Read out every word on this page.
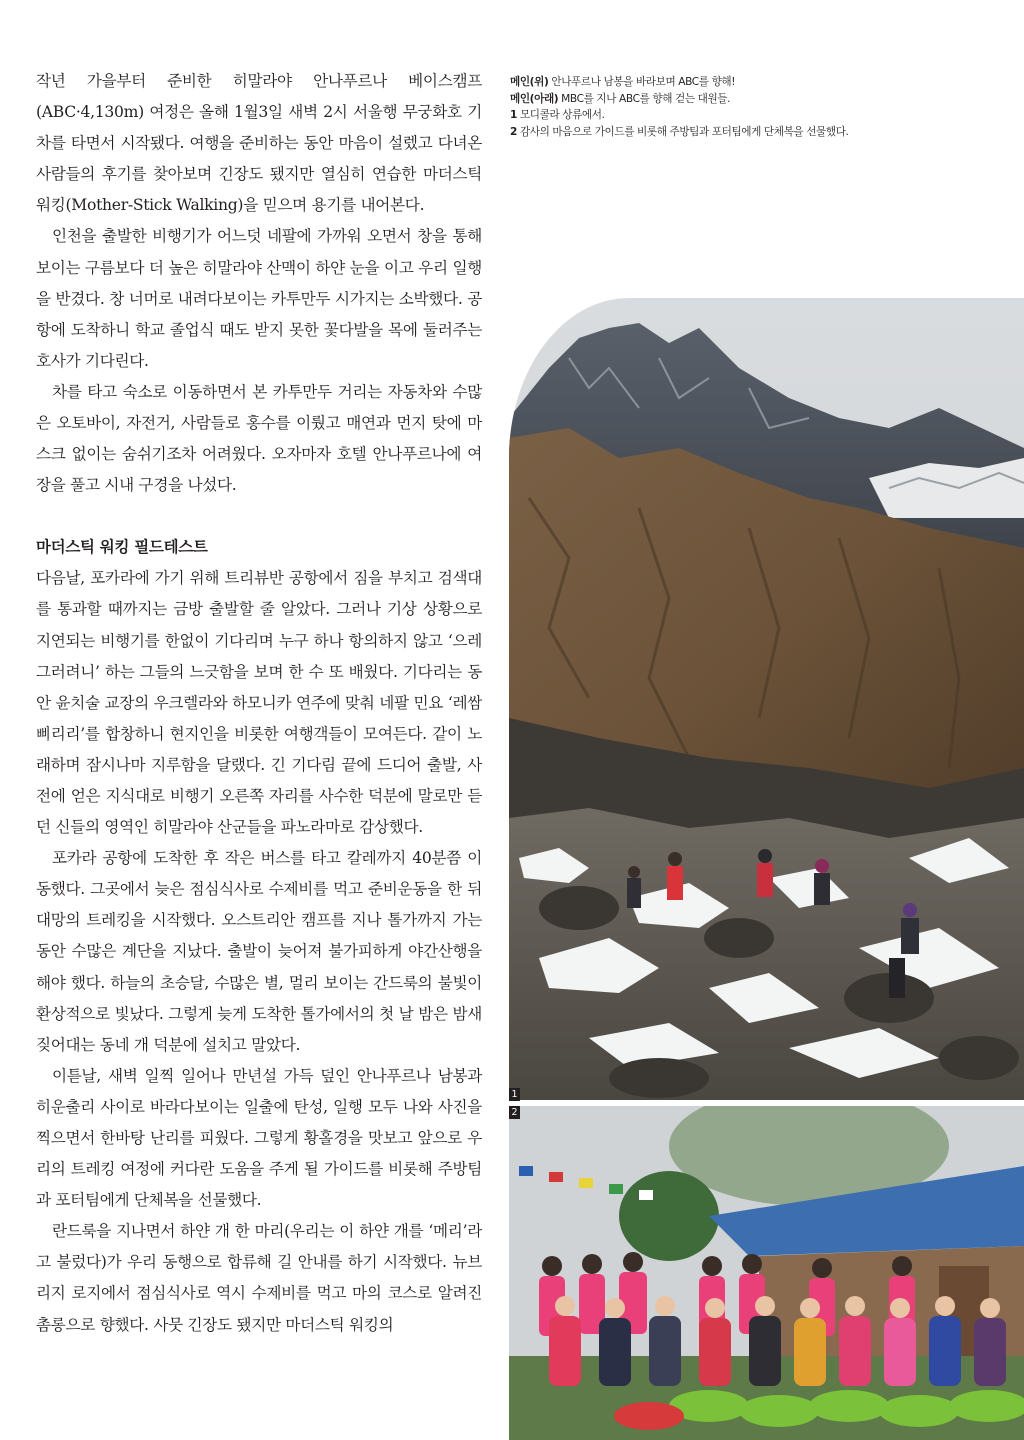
작년 가을부터 준비한 히말라야 안나푸르나 베이스캠프(ABC·4,130m) 여정은 올해 1월3일 새벽 2시 서울행 무궁화호 기차를 타면서 시작됐다. 여행을 준비하는 동안 마음이 설렜고 다녀온 사람들의 후기를 찾아보며 긴장도 됐지만 열심히 연습한 마더스틱 워킹(Mother-Stick Walking)을 믿으며 용기를 내어본다.

인천을 출발한 비행기가 어느덧 네팔에 가까워 오면서 창을 통해 보이는 구름보다 더 높은 히말라야 산맥이 하얀 눈을 이고 우리 일행을 반겼다. 창 너머로 내려다보이는 카투만두 시가지는 소박했다. 공항에 도착하니 학교 졸업식 때도 받지 못한 꽃다발을 목에 둘러주는 호사가 기다린다.

차를 타고 숙소로 이동하면서 본 카투만두 거리는 자동차와 수많은 오토바이, 자전거, 사람들로 홍수를 이뤘고 매연과 먼지 탓에 마스크 없이는 숨쉬기조차 어려웠다. 오자마자 호텔 안나푸르나에 여장을 풀고 시내 구경을 나섰다.

마더스틱 워킹 필드테스트

다음날, 포카라에 가기 위해 트리뷰반 공항에서 짐을 부치고 검색대를 통과할 때까지는 금방 출발할 줄 알았다. 그러나 기상 상황으로 지연되는 비행기를 한없이 기다리며 누구 하나 항의하지 않고 ‘으레 그러려니’ 하는 그들의 느긋함을 보며 한 수 또 배웠다. 기다리는 동안 윤치술 교장의 우크렐라와 하모니카 연주에 맞춰 네팔 민요 ‘레쌈삐리리’를 합창하니 현지인을 비롯한 여행객들이 모여든다. 같이 노래하며 잠시나마 지루함을 달랬다. 긴 기다림 끝에 드디어 출발, 사전에 얻은 지식대로 비행기 오른쪽 자리를 사수한 덕분에 말로만 듣던 신들의 영역인 히말라야 산군들을 파노라마로 감상했다.

포카라 공항에 도착한 후 작은 버스를 타고 칼레까지 40분쯤 이동했다. 그곳에서 늦은 점심식사로 수제비를 먹고 준비운동을 한 뒤 대망의 트레킹을 시작했다. 오스트리안 캠프를 지나 톨가까지 가는 동안 수많은 계단을 지났다. 출발이 늦어져 불가피하게 야간산행을 해야 했다. 하늘의 초승달, 수많은 별, 멀리 보이는 간드룩의 불빛이 환상적으로 빛났다. 그렇게 늦게 도착한 톨가에서의 첫 날 밤은 밤새 짖어대는 동네 개 덕분에 설치고 말았다.

이튿날, 새벽 일찍 일어나 만년설 가득 덮인 안나푸르나 남봉과 히운출리 사이로 바라다보이는 일출에 탄성, 일행 모두 나와 사진을 찍으면서 한바탕 난리를 피웠다. 그렇게 황홀경을 맛보고 앞으로 우리의 트레킹 여정에 커다란 도움을 주게 될 가이드를 비롯해 주방팀과 포터팀에게 단체복을 선물했다.

란드룩을 지나면서 하얀 개 한 마리(우리는 이 하얀 개를 ‘메리’라고 불렀다)가 우리 동행으로 합류해 길 안내를 하기 시작했다. 뉴브리지 로지에서 점심식사로 역시 수제비를 먹고 마의 코스로 알려진 촘롱으로 향했다. 사뭇 긴장도 됐지만 마더스틱 워킹의

메인(위) 안나푸르나 남봉을 바라보며 ABC를 향해!
메인(아래) MBC를 지나 ABC를 향해 걷는 대원들.
1 모디콜라 상류에서.
2 감사의 마음으로 가이드를 비롯해 주방팀과 포터팀에게 단체복을 선물했다.
1
2
